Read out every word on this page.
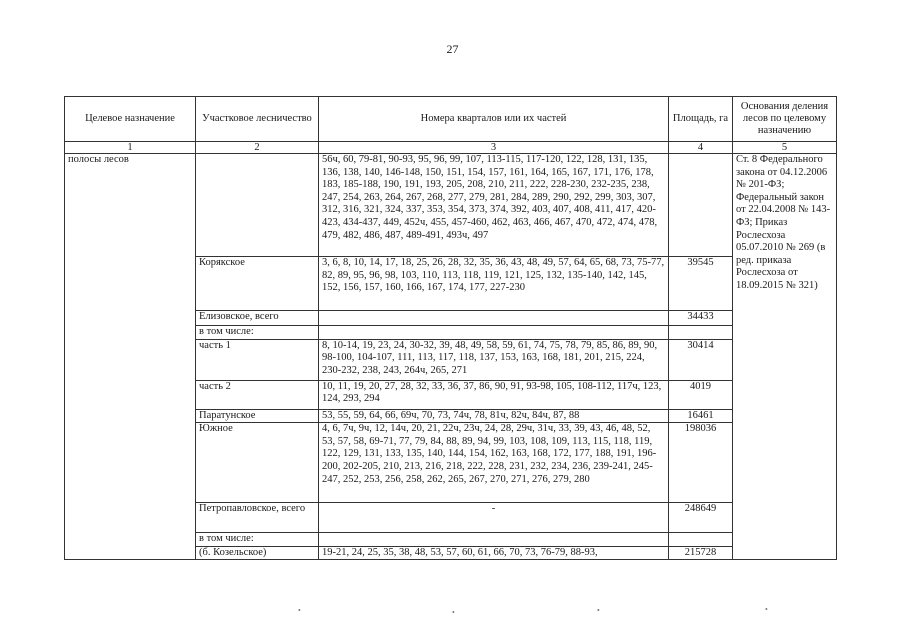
27
Целевое назначение	Участковое лесничество	Номера кварталов или их частей	Площадь, га	Основания деления лесов по целевому назначению
1	2	3	4	5
полосы лесов		56ч, 60, 79-81, 90-93, 95, 96, 99, 107, 113-115, 117-120, 122, 128, 131, 135, 136, 138, 140, 146-148, 150, 151, 154, 157, 161, 164, 165, 167, 171, 176, 178, 183, 185-188, 190, 191, 193, 205, 208, 210, 211, 222, 228-230, 232-235, 238, 247, 254, 263, 264, 267, 268, 277, 279, 281, 284, 289, 290, 292, 299, 303, 307, 312, 316, 321, 324, 337, 353, 354, 373, 374, 392, 403, 407, 408, 411, 417, 420-423, 434-437, 449, 452ч, 455, 457-460, 462, 463, 466, 467, 470, 472, 474, 478, 479, 482, 486, 487, 489-491, 493ч, 497		Ст. 8 Федерального закона от 04.12.2006 № 201-ФЗ; Федеральный закон от 22.04.2008 № 143-ФЗ; Приказ Рослесхоза 05.07.2010 № 269 (в ред. приказа Рослесхоза от 18.09.2015 № 321)
	Корякское	3, 6, 8, 10, 14, 17, 18, 25, 26, 28, 32, 35, 36, 43, 48, 49, 57, 64, 65, 68, 73, 75-77, 82, 89, 95, 96, 98, 103, 110, 113, 118, 119, 121, 125, 132, 135-140, 142, 145, 152, 156, 157, 160, 166, 167, 174, 177, 227-230	39545	
	Елизовское, всего		34433	
	в том числе:			
	часть 1	8, 10-14, 19, 23, 24, 30-32, 39, 48, 49, 58, 59, 61, 74, 75, 78, 79, 85, 86, 89, 90, 98-100, 104-107, 111, 113, 117, 118, 137, 153, 163, 168, 181, 201, 215, 224, 230-232, 238, 243, 264ч, 265, 271	30414	
	часть 2	10, 11, 19, 20, 27, 28, 32, 33, 36, 37, 86, 90, 91, 93-98, 105, 108-112, 117ч, 123, 124, 293, 294	4019	
	Паратунское	53, 55, 59, 64, 66, 69ч, 70, 73, 74ч, 78, 81ч, 82ч, 84ч, 87, 88	16461	
	Южное	4, 6, 7ч, 9ч, 12, 14ч, 20, 21, 22ч, 23ч, 24, 28, 29ч, 31ч, 33, 39, 43, 46, 48, 52, 53, 57, 58, 69-71, 77, 79, 84, 88, 89, 94, 99, 103, 108, 109, 113, 115, 118, 119, 122, 129, 131, 133, 135, 140, 144, 154, 162, 163, 168, 172, 177, 188, 191, 196-200, 202-205, 210, 213, 216, 218, 222, 228, 231, 232, 234, 236, 239-241, 245-247, 252, 253, 256, 258, 262, 265, 267, 270, 271, 276, 279, 280	198036	
	Петропавловское, всего	-	248649	
	в том числе:			
	(б. Козельское)	19-21, 24, 25, 35, 38, 48, 53, 57, 60, 61, 66, 70, 73, 76-79, 88-93,	215728	
•	•	•	•
